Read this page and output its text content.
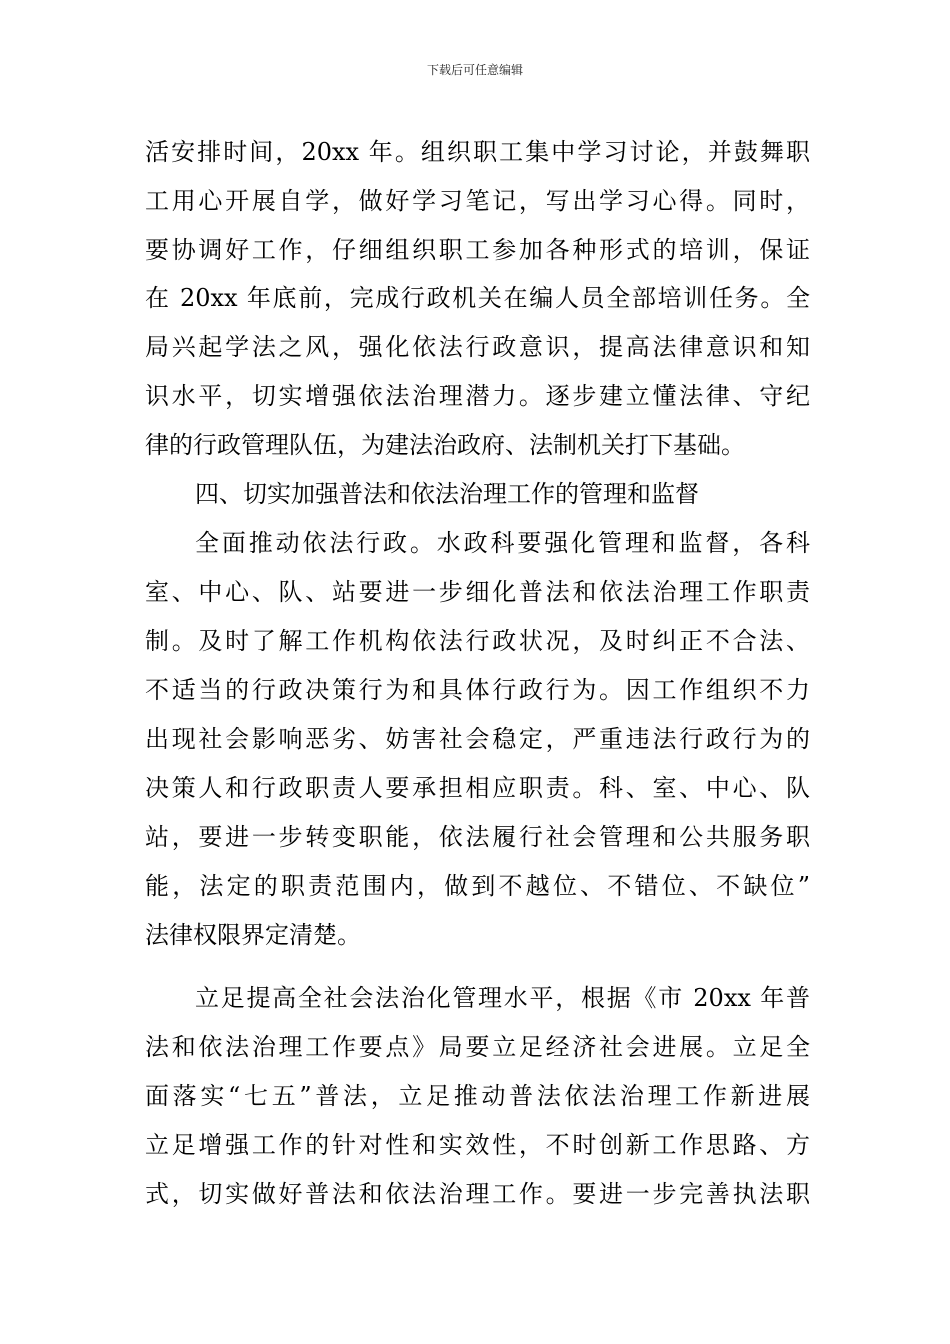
下载后可任意编辑
活安排时间，20xx 年。组织职工集中学习讨论，并鼓舞职
工用心开展自学，做好学习笔记，写出学习心得。同时，
要协调好工作，仔细组织职工参加各种形式的培训，保证
在 20xx 年底前，完成行政机关在编人员全部培训任务。全
局兴起学法之风，强化依法行政意识，提高法律意识和知
识水平，切实增强依法治理潜力。逐步建立懂法律、守纪
律的行政管理队伍，为建法治政府、法制机关打下基础。
四、切实加强普法和依法治理工作的管理和监督
全面推动依法行政。水政科要强化管理和监督，各科
室、中心、队、站要进一步细化普法和依法治理工作职责
制。及时了解工作机构依法行政状况，及时纠正不合法、
不适当的行政决策行为和具体行政行为。因工作组织不力
出现社会影响恶劣、妨害社会稳定，严重违法行政行为的
决策人和行政职责人要承担相应职责。科、室、中心、队
站，要进一步转变职能，依法履行社会管理和公共服务职
能，法定的职责范围内，做到不越位、不错位、不缺位”
法律权限界定清楚。
立足提高全社会法治化管理水平，根据《市 20xx 年普
法和依法治理工作要点》局要立足经济社会进展。立足全
面落实“七五”普法，立足推动普法依法治理工作新进展
立足增强工作的针对性和实效性，不时创新工作思路、方
式，切实做好普法和依法治理工作。要进一步完善执法职
